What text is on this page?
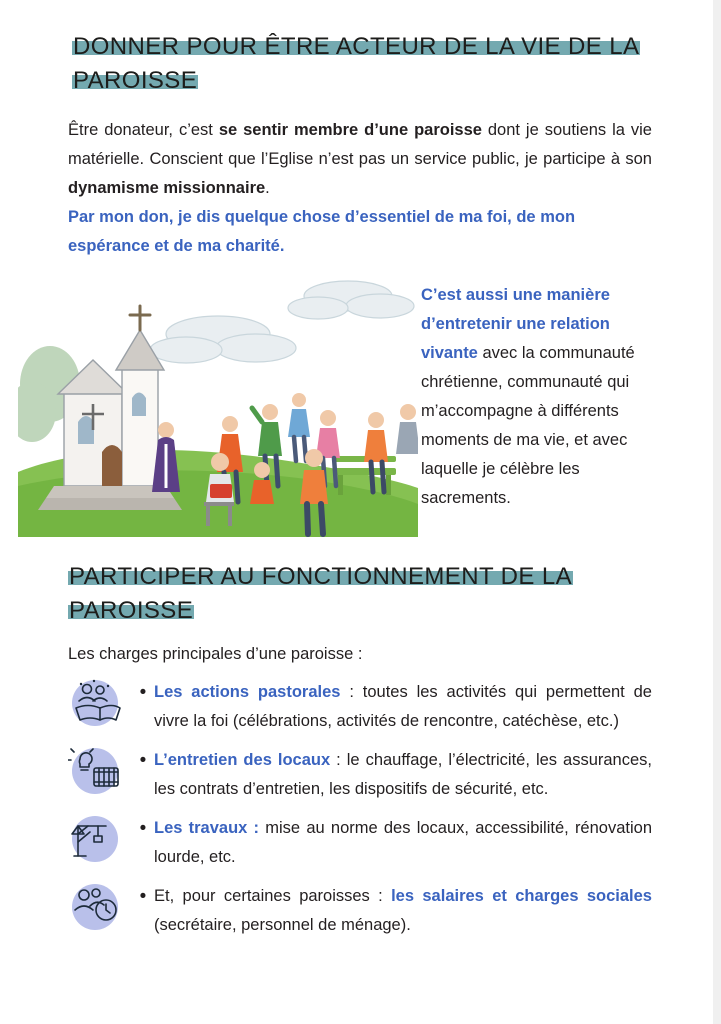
DONNER POUR ÊTRE ACTEUR DE LA VIE DE LA PAROISSE
Être donateur, c’est se sentir membre d’une paroisse dont je soutiens la vie matérielle. Conscient que l’Eglise n’est pas un service public, je participe à son dynamisme missionnaire.
Par mon don, je dis quelque chose d’essentiel de ma foi, de mon espérance et de ma charité.
C’est aussi une manière d’entretenir une relation vivante avec la communauté chrétienne, communauté qui m’accompagne à différents moments de ma vie, et avec laquelle je célèbre les sacrements.
PARTICIPER AU FONCTIONNEMENT DE LA PAROISSE
Les charges principales d’une paroisse :
• Les actions pastorales : toutes les activités qui permettent de vivre la foi (célébrations, activités de rencontre, catéchèse, etc.)
• L’entretien des locaux : le chauffage, l’électricité, les assurances, les contrats d’entretien, les dispositifs de sécurité, etc.
• Les travaux : mise au norme des locaux, accessibilité, rénovation lourde, etc.
• Et, pour certaines paroisses : les salaires et charges sociales (secrétaire, personnel de ménage).
